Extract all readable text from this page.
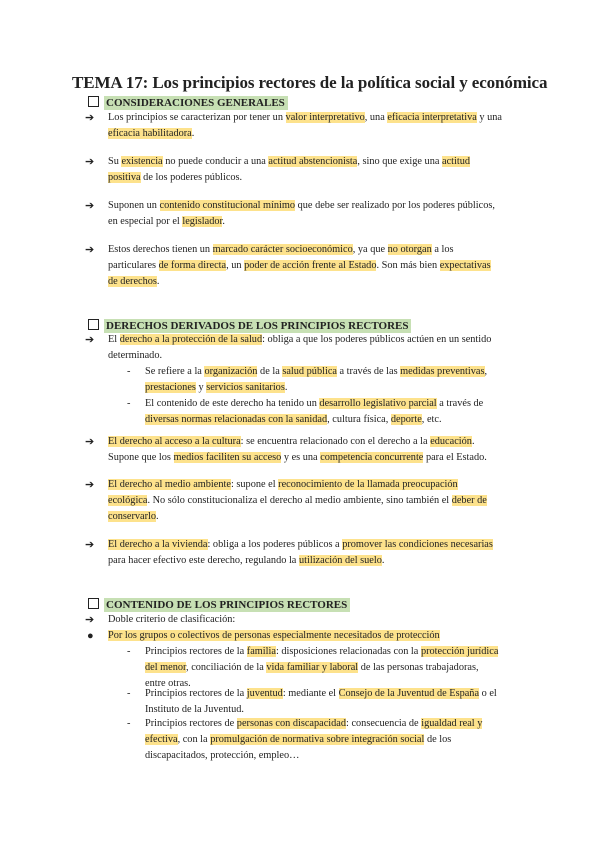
TEMA 17: Los principios rectores de la política social y económica
CONSIDERACIONES GENERALES
➔ Los principios se caracterizan por tener un valor interpretativo, una eficacia interpretativa y una
eficacia habilitadora.
➔ Su existencia no puede conducir a una actitud abstencionista, sino que exige una actitud
positiva de los poderes públicos.
➔ Suponen un contenido constitucional mínimo que debe ser realizado por los poderes públicos,
en especial por el legislador.
➔ Estos derechos tienen un marcado carácter socioeconómico, ya que no otorgan a los
particulares de forma directa, un poder de acción frente al Estado. Son más bien expectativas
de derechos.
DERECHOS DERIVADOS DE LOS PRINCIPIOS RECTORES
➔ El derecho a la protección de la salud: obliga a que los poderes públicos actúen en un sentido
determinado.
- Se refiere a la organización de la salud pública a través de las medidas preventivas,
prestaciones y servicios sanitarios.
- El contenido de este derecho ha tenido un desarrollo legislativo parcial a través de
diversas normas relacionadas con la sanidad, cultura física, deporte, etc.
➔ El derecho al acceso a la cultura: se encuentra relacionado con el derecho a la educación.
Supone que los medios faciliten su acceso y es una competencia concurrente para el Estado.
➔ El derecho al medio ambiente: supone el reconocimiento de la llamada preocupación
ecológica. No sólo constitucionaliza el derecho al medio ambiente, sino también el deber de
conservarlo.
➔ El derecho a la vivienda: obliga a los poderes públicos a promover las condiciones necesarias
para hacer efectivo este derecho, regulando la utilización del suelo.
CONTENIDO DE LOS PRINCIPIOS RECTORES
➔ Doble criterio de clasificación:
● Por los grupos o colectivos de personas especialmente necesitados de protección
- Principios rectores de la familia: disposiciones relacionadas con la protección jurídica
del menor, conciliación de la vida familiar y laboral de las personas trabajadoras,
entre otras.
- Principios rectores de la juventud: mediante el Consejo de la Juventud de España o el
Instituto de la Juventud.
- Principios rectores de personas con discapacidad: consecuencia de igualdad real y
efectiva, con la promulgación de normativa sobre integración social de los
discapacitados, protección, empleo…
